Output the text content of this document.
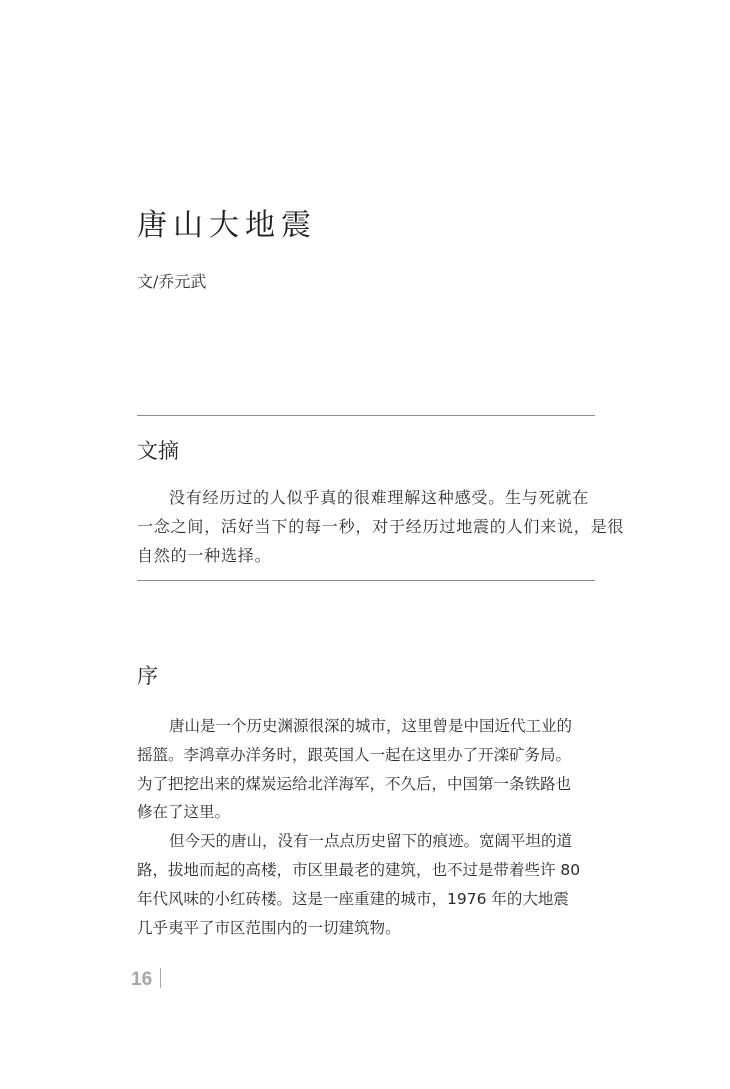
唐山大地震
文/乔元武
文摘
没有经历过的人似乎真的很难理解这种感受。生与死就在
一念之间，活好当下的每一秒，对于经历过地震的人们来说，是很
自然的一种选择。
序
唐山是一个历史渊源很深的城市，这里曾是中国近代工业的
摇篮。李鸿章办洋务时，跟英国人一起在这里办了开滦矿务局。
为了把挖出来的煤炭运给北洋海军，不久后，中国第一条铁路也
修在了这里。
但今天的唐山，没有一点点历史留下的痕迹。宽阔平坦的道
路，拔地而起的高楼，市区里最老的建筑，也不过是带着些许 80
年代风味的小红砖楼。这是一座重建的城市，1976 年的大地震
几乎夷平了市区范围内的一切建筑物。
16
